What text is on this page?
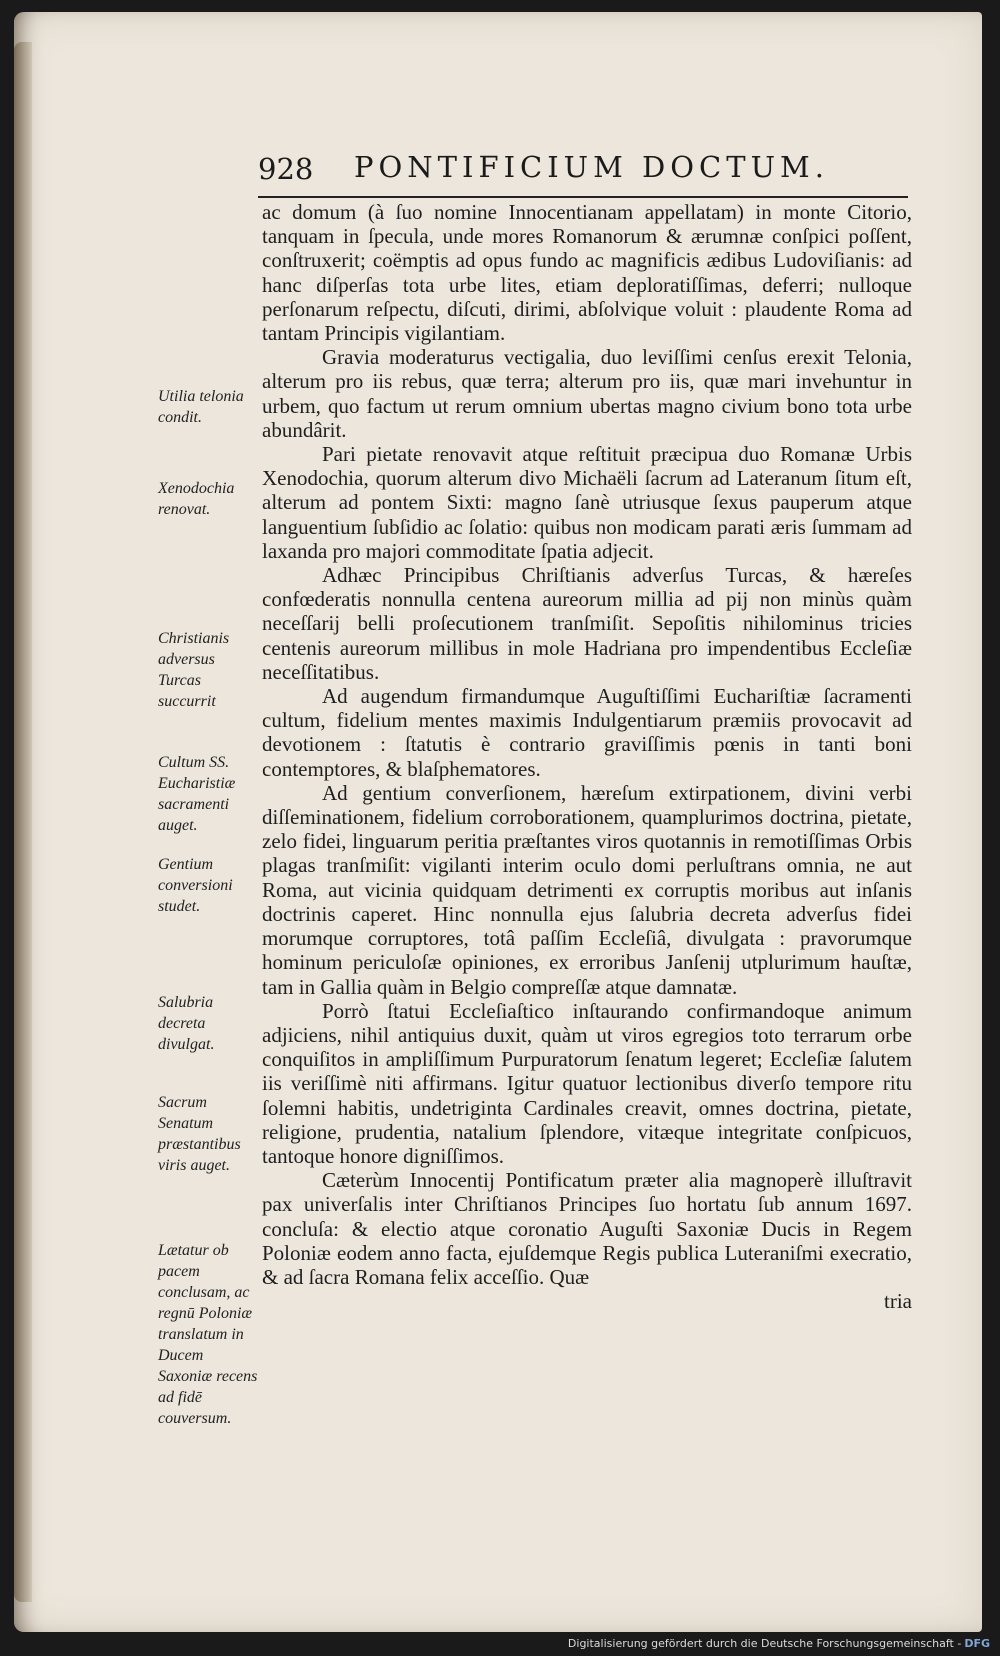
928 PONTIFICIUM DOCTUM.

ac domum (à ſuo nomine Innocentianam appellatam) in monte Citorio, tanquam in ſpecula, unde mores Romanorum & ærumnæ conſpici poſſent, conſtruxerit; coëmptis ad opus fundo ac magnificis ædibus Ludoviſianis: ad hanc diſperſas tota urbe lites, etiam deploratiſſimas, deferri; nulloque perſonarum reſpectu, diſcuti, dirimi, abſolvique voluit : plaudente Roma ad tantam Principis vigilantiam.

Gravia moderaturus vectigalia, duo leviſſimi cenſus erexit Telonia, alterum pro iis rebus, quæ terra; alterum pro iis, quæ mari invehuntur in urbem, quo factum ut rerum omnium ubertas magno civium bono tota urbe abundârit.

Pari pietate renovavit atque reſtituit præcipua duo Romanæ Urbis Xenodochia, quorum alterum divo Michaëli ſacrum ad Lateranum ſitum eſt, alterum ad pontem Sixti: magno ſanè utriusque ſexus pauperum atque languentium ſubſidio ac ſolatio: quibus non modicam parati æris ſummam ad laxanda pro majori commoditate ſpatia adjecit.

Adhæc Principibus Chriſtianis adverſus Turcas, & hæreſes confœderatis nonnulla centena aureorum millia ad pij non minùs quàm neceſſarij belli proſecutionem tranſmiſit. Sepoſitis nihilominus tricies centenis aureorum millibus in mole Hadriana pro impendentibus Eccleſiæ neceſſitatibus.

Ad augendum firmandumque Auguſtiſſimi Euchariſtiæ ſacramenti cultum, fidelium mentes maximis Indulgentiarum præmiis provocavit ad devotionem : ſtatutis è contrario graviſſimis pœnis in tanti boni contemptores, & blaſphematores.

Ad gentium converſionem, hæreſum extirpationem, divini verbi diſſeminationem, fidelium corroborationem, quamplurimos doctrina, pietate, zelo fidei, linguarum peritia præſtantes viros quotannis in remotiſſimas Orbis plagas tranſmiſit: vigilanti interim oculo domi perluſtrans omnia, ne aut Roma, aut vicinia quidquam detrimenti ex corruptis moribus aut inſanis doctrinis caperet. Hinc nonnulla ejus ſalubria decreta adverſus fidei morumque corruptores, totâ paſſim Eccleſiâ, divulgata : pravorumque hominum periculoſæ opiniones, ex erroribus Janſenij utplurimum hauſtæ, tam in Gallia quàm in Belgio compreſſæ atque damnatæ.

Porrò ſtatui Eccleſiaſtico inſtaurando confirmandoque animum adjiciens, nihil antiquius duxit, quàm ut viros egregios toto terrarum orbe conquiſitos in ampliſſimum Purpuratorum ſenatum legeret; Eccleſiæ ſalutem iis veriſſimè niti affirmans. Igitur quatuor lectionibus diverſo tempore ritu ſolemni habitis, undetriginta Cardinales creavit, omnes doctrina, pietate, religione, prudentia, natalium ſplendore, vitæque integritate conſpicuos, tantoque honore digniſſimos.

Cæterùm Innocentij Pontificatum præter alia magnoperè illuſtravit pax univerſalis inter Chriſtianos Principes ſuo hortatu ſub annum 1697. concluſa: & electio atque coronatio Auguſti Saxoniæ Ducis in Regem Poloniæ eodem anno facta, ejuſdemque Regis publica Luteraniſmi execratio, & ad ſacra Romana felix acceſſio. Quæ

tria

Utilia telonia condit.
Xenodochia renovat.
Christianis adversus Turcas succurrit
Cultum SS. Eucharistiæ sacramenti auget.
Gentium conversioni studet.
Salubria decreta divulgat.
Sacrum Senatum præstantibus viris auget.
Lætatur ob pacem conclusam, ac regnū Poloniæ translatum in Ducem Saxoniæ recens ad fidē couversum.
Digitalisierung gefördert durch die Deutsche Forschungsgemeinschaft - DFG
